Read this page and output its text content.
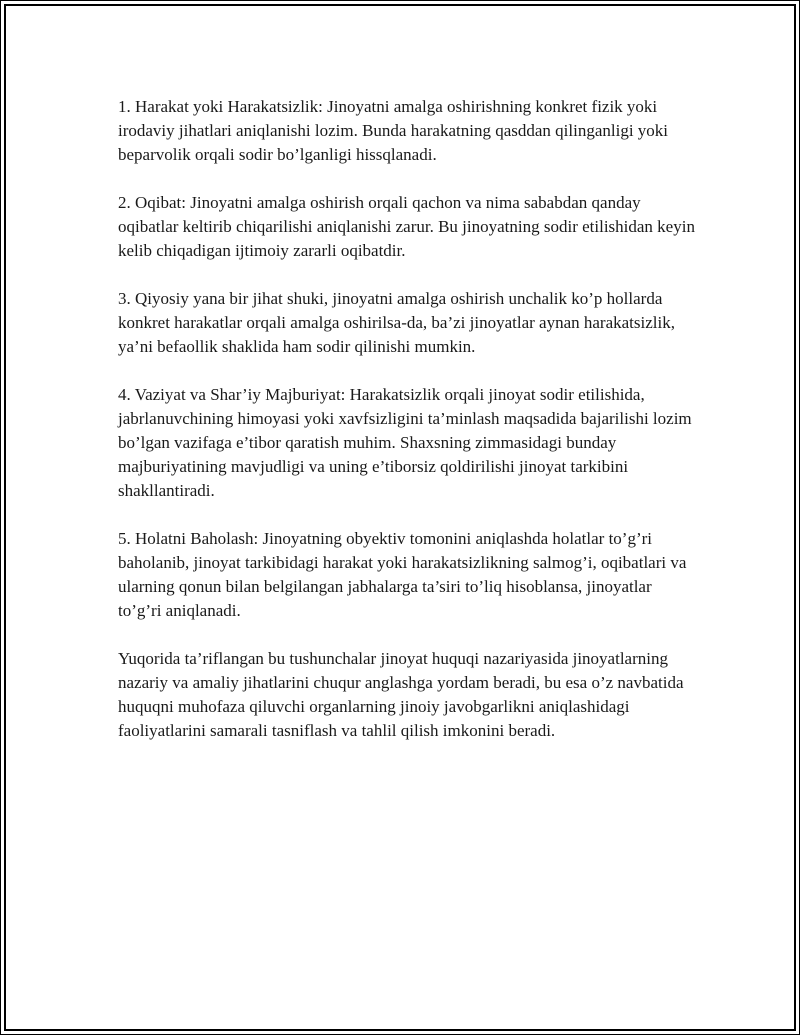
1. Harakat yoki Harakatsizlik: Jinoyatni amalga oshirishning konkret fizik yoki irodaviy jihatlari aniqlanishi lozim. Bunda harakatning qasddan qilinganligi yoki beparvolik orqali sodir bo’lganligi hissqlanadi.

2. Oqibat: Jinoyatni amalga oshirish orqali qachon va nima sababdan qanday oqibatlar keltirib chiqarilishi aniqlanishi zarur. Bu jinoyatning sodir etilishidan keyin kelib chiqadigan ijtimoiy zararli oqibatdir.

3. Qiyosiy yana bir jihat shuki, jinoyatni amalga oshirish unchalik ko’p hollarda konkret harakatlar orqali amalga oshirilsa-da, ba’zi jinoyatlar aynan harakatsizlik, ya’ni befaollik shaklida ham sodir qilinishi mumkin.

4. Vaziyat va Shar’iy Majburiyat: Harakatsizlik orqali jinoyat sodir etilishida, jabrlanuvchining himoyasi yoki xavfsizligini ta’minlash maqsadida bajarilishi lozim bo’lgan vazifaga e’tibor qaratish muhim. Shaxsning zimmasidagi bunday majburiyatining mavjudligi va uning e’tiborsiz qoldirilishi jinoyat tarkibini shakllantiradi.

5. Holatni Baholash: Jinoyatning obyektiv tomonini aniqlashda holatlar to’g’ri baholanib, jinoyat tarkibidagi harakat yoki harakatsizlikning salmog’i, oqibatlari va ularning qonun bilan belgilangan jabhalarga ta’siri to’liq hisoblansa, jinoyatlar to’g’ri aniqlanadi.

Yuqorida ta’riflangan bu tushunchalar jinoyat huquqi nazariyasida jinoyatlarning nazariy va amaliy jihatlarini chuqur anglashga yordam beradi, bu esa o’z navbatida huquqni muhofaza qiluvchi organlarning jinoiy javobgarlikni aniqlashidagi faoliyatlarini samarali tasniflash va tahlil qilish imkonini beradi.
